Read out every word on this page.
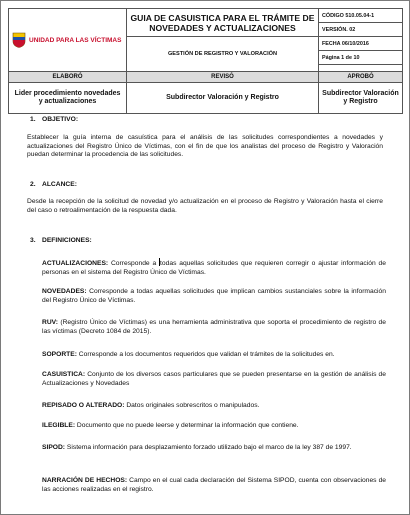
UNIDAD PARA LAS VÍCTIMAS	GUIA DE CASUISTICA PARA EL TRÁMITE DE NOVEDADES Y ACTUALIZACIONES	CÓDIGO 510.05.04-1
		VERSIÓN. 02
	GESTIÓN DE REGISTRO Y VALORACIÓN	FECHA 06/10/2016
		Página 1 de 10

ELABORÓ	REVISÓ	APROBÓ
Lider procedimiento novedades y actualizaciones	Subdirector Valoración y Registro	Subdirector Valoración y Registro
1. OBJETIVO:
Establecer la guía interna de casuística para el análisis de las solicitudes correspondientes a novedades y actualizaciones del Registro Único de Víctimas, con el fin de que los analistas del proceso de Registro y Valoración puedan determinar la procedencia de las solicitudes.
2. ALCANCE:
Desde la recepción de la solicitud de novedad y/o actualización en el proceso de Registro y Valoración hasta el cierre del caso o retroalimentación de la respuesta dada.
3. DEFINICIONES:
ACTUALIZACIONES: Corresponde a todas aquellas solicitudes que requieren corregir o ajustar información de personas en el sistema del Registro Único de Víctimas.
NOVEDADES: Corresponde a todas aquellas solicitudes que implican cambios sustanciales sobre la información del Registro Único de Víctimas.
RUV: (Registro Único de Víctimas) es una herramienta administrativa que soporta el procedimiento de registro de las víctimas (Decreto 1084 de 2015).
SOPORTE: Corresponde a los documentos requeridos que validan el trámites de la solicitudes en.
CASUISTICA: Conjunto de los diversos casos particulares que se pueden presentarse en la gestión de análisis de Actualizaciones y Novedades
REPISADO O ALTERADO: Datos originales sobrescritos o manipulados.
ILEGIBLE: Documento que no puede leerse y determinar la información que contiene.
SIPOD: Sistema información para desplazamiento forzado utilizado bajo el marco de la ley 387 de 1997.
NARRACIÓN DE HECHOS: Campo en el cual cada declaración del Sistema SIPOD, cuenta con observaciones de las acciones realizadas en el registro.
